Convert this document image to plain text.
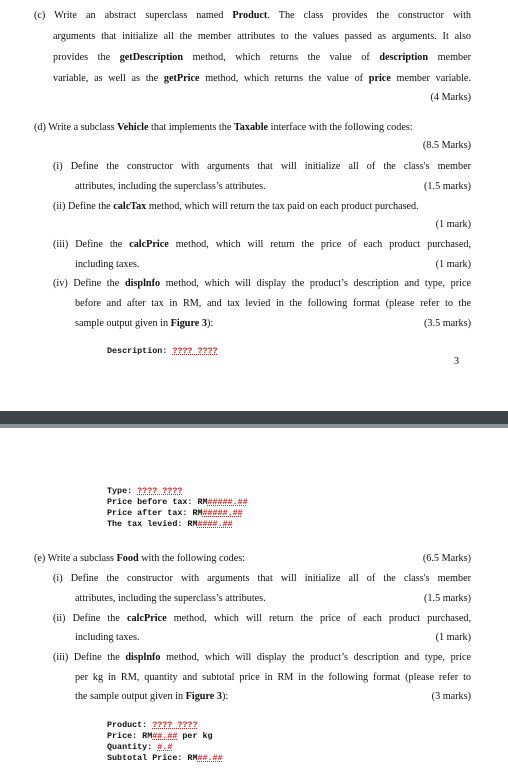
(c) Write an abstract superclass named Product. The class provides the constructor with
arguments that initialize all the member attributes to the values passed as arguments. It also
provides the getDescription method, which returns the value of description member
variable, as well as the getPrice method, which returns the value of price member variable.
(4 Marks)
(d) Write a subclass Vehicle that implements the Taxable interface with the following codes:
(8.5 Marks)
(i) Define the constructor with arguments that will initialize all of the class's member
attributes, including the superclass’s attributes.	(1.5 marks)
(ii) Define the calcTax method, which will return the tax paid on each product purchased.
(1 mark)
(iii) Define the calcPrice method, which will return the price of each product purchased,
including taxes.	(1 mark)
(iv) Define the displnfo method, which will display the product’s description and type, price
before and after tax in RM, and tax levied in the following format (please refer to the
sample output given in Figure 3):	(3.5 marks)
Description: ???? ????
3
Type: ???? ????
Price before tax: RM#####.##
Price after tax: RM#####.##
The tax levied: RM####.##
(e) Write a subclass Food with the following codes:	(6.5 Marks)
(i) Define the constructor with arguments that will initialize all of the class's member
attributes, including the superclass’s attributes.	(1.5 marks)
(ii) Define the calcPrice method, which will return the price of each product purchased,
including taxes.	(1 mark)
(iii) Define the displnfo method, which will display the product’s description and type, price
per kg in RM, quantity and subtotal price in RM in the following format (please refer to
the sample output given in Figure 3):	(3 marks)
Product: ???? ????
Price: RM##.## per kg
Quantity: #.#
Subtotal Price: RM##.##
